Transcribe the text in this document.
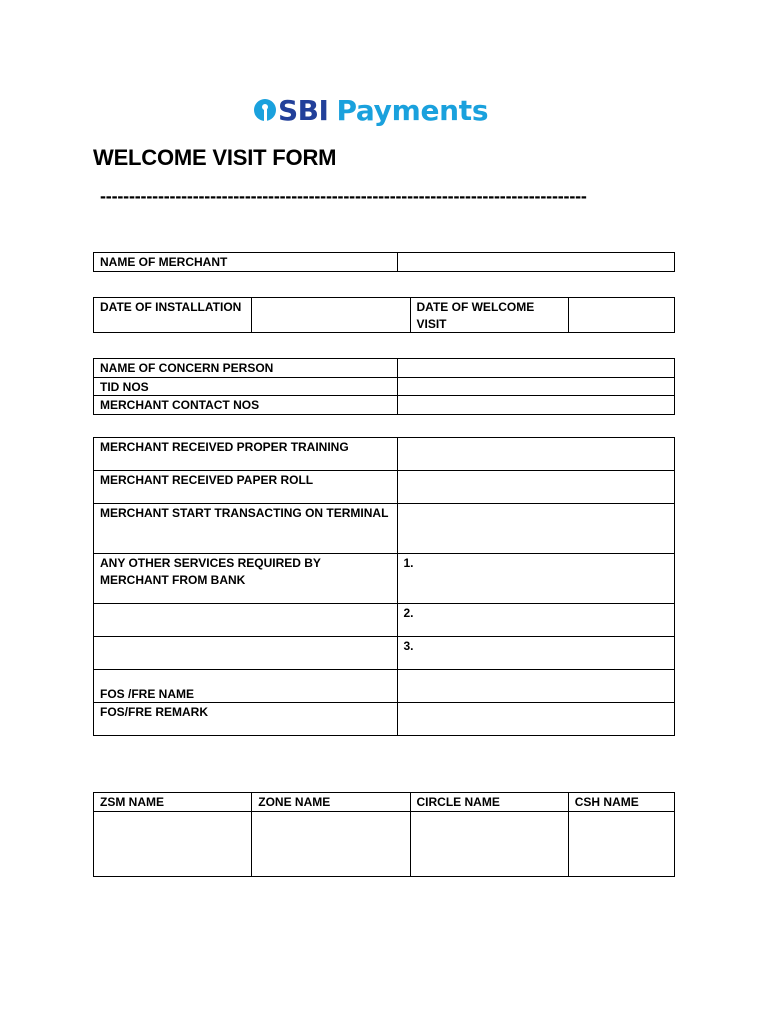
SBI Payments
WELCOME VISIT FORM
------------------------------------------------------------------------------------
NAME OF MERCHANT	
DATE OF INSTALLATION		DATE OF WELCOME VISIT	
NAME OF CONCERN PERSON	
TID NOS	
MERCHANT CONTACT NOS	
MERCHANT RECEIVED PROPER TRAINING	
MERCHANT RECEIVED PAPER ROLL	
MERCHANT START TRANSACTING ON TERMINAL	
ANY OTHER SERVICES REQUIRED BY MERCHANT FROM BANK	1.
	2.
	3.
FOS /FRE NAME	
FOS/FRE REMARK	
ZSM NAME	ZONE NAME	CIRCLE NAME	CSH NAME
